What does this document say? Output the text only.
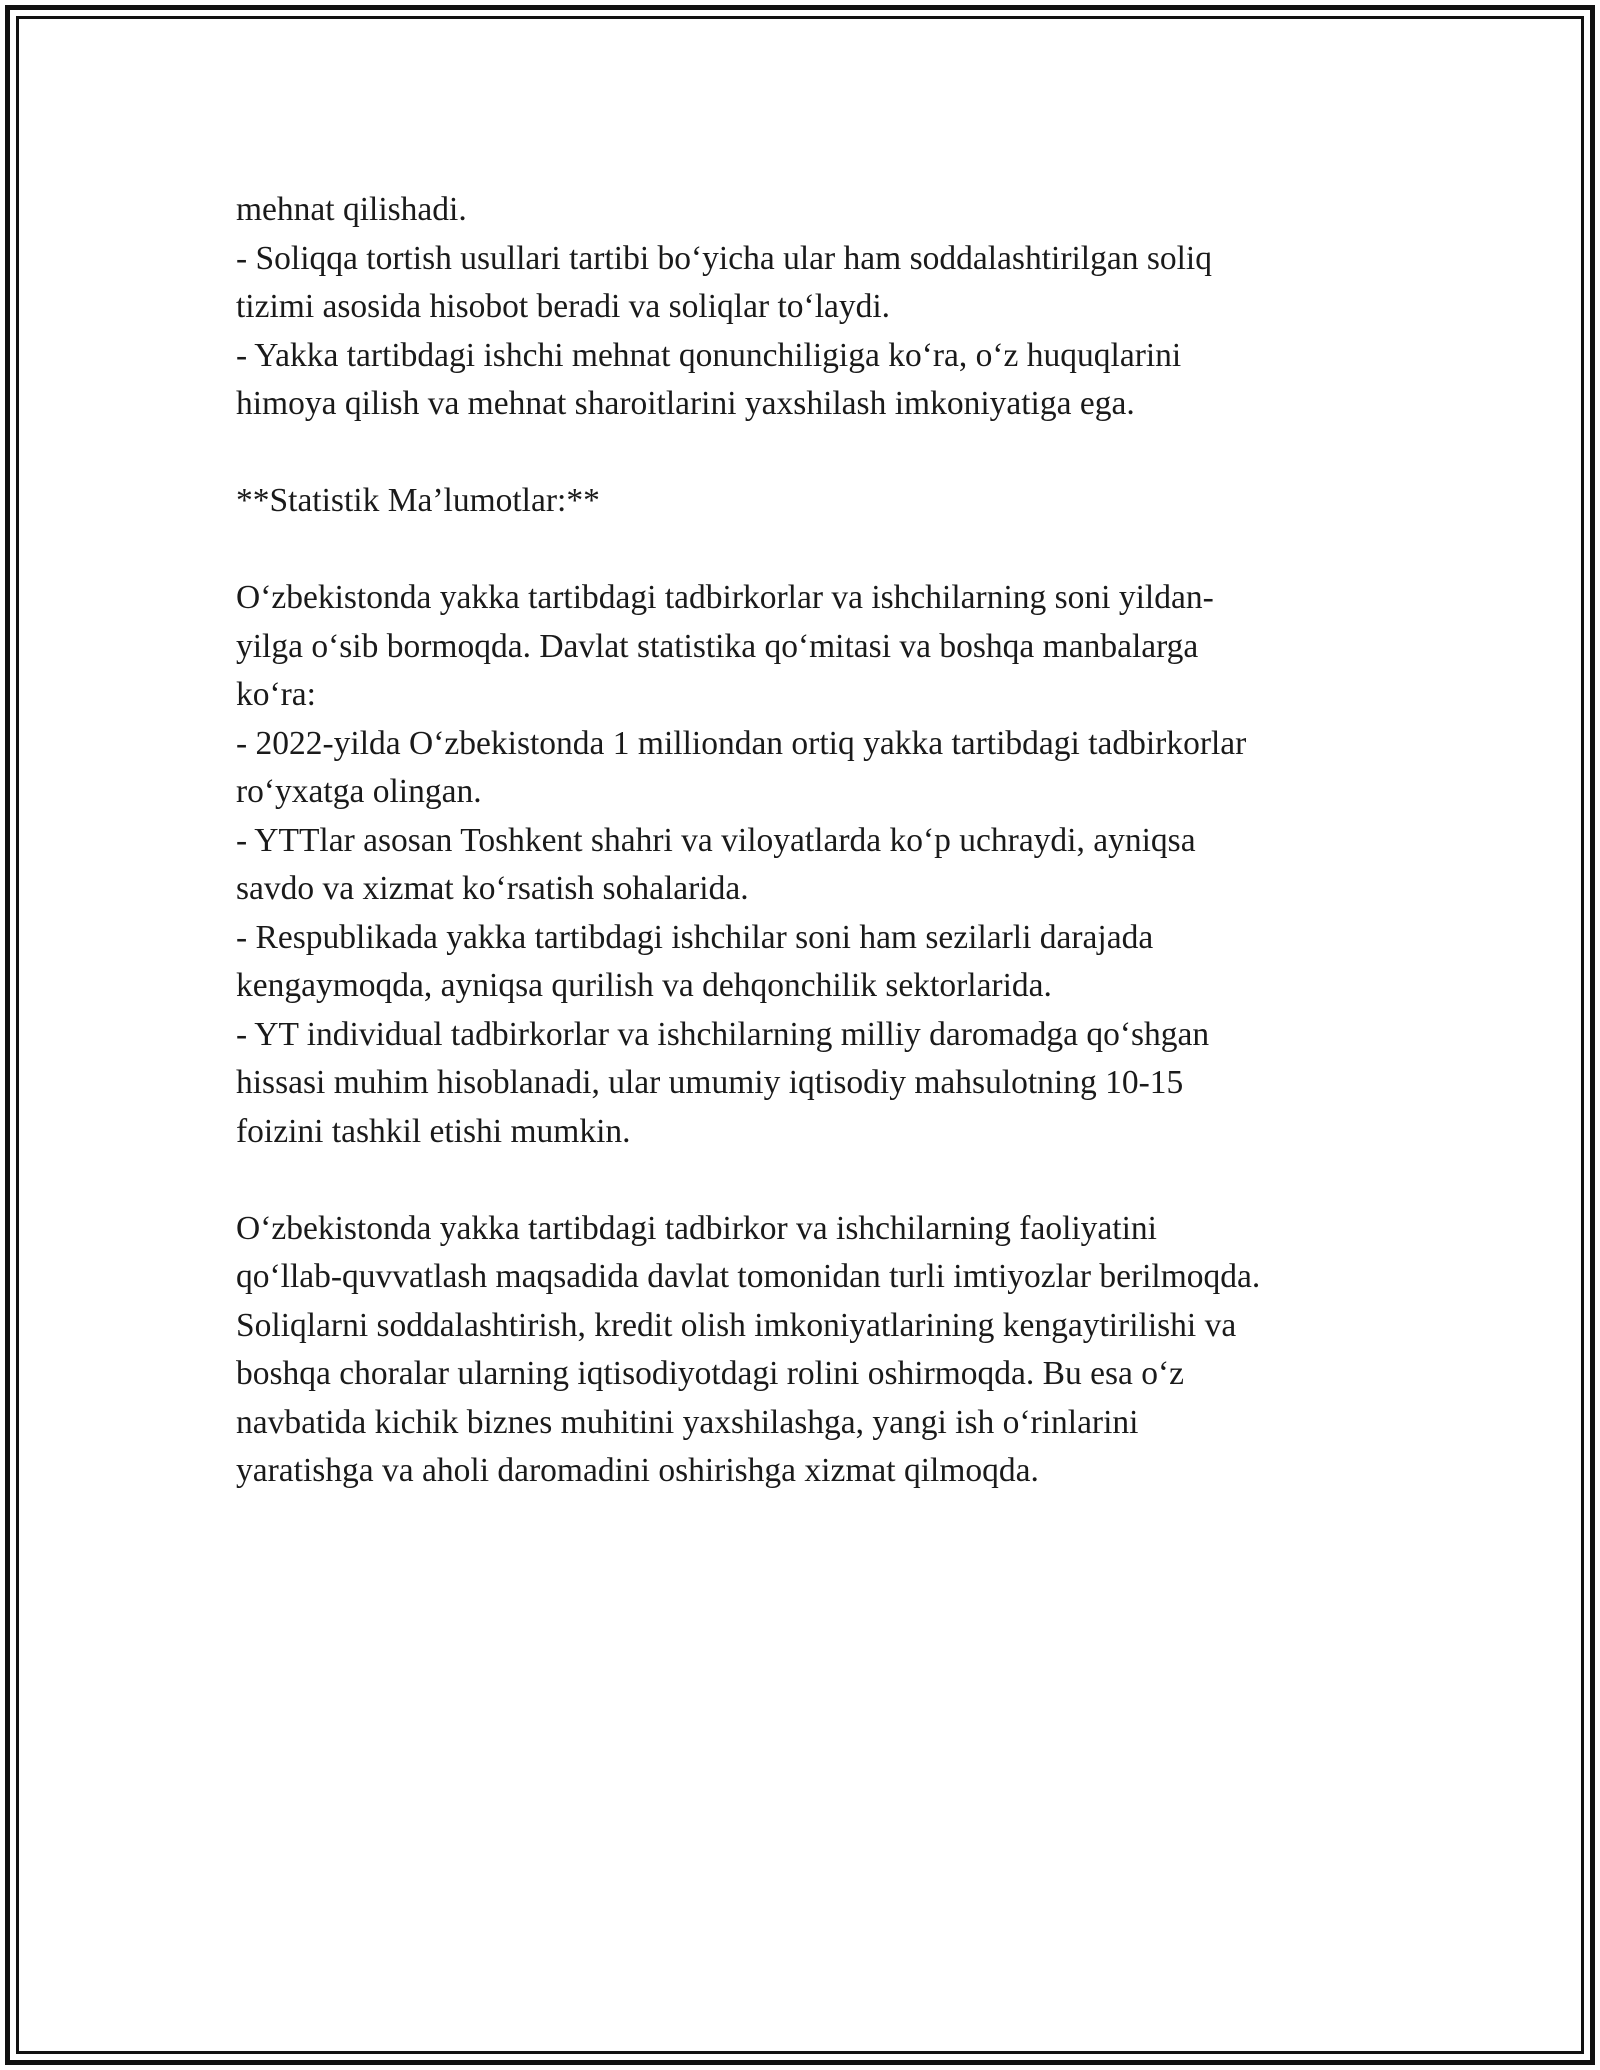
mehnat qilishadi.
- Soliqqa tortish usullari tartibi bo‘yicha ular ham soddalashtirilgan soliq
tizimi asosida hisobot beradi va soliqlar to‘laydi.
- Yakka tartibdagi ishchi mehnat qonunchiligiga ko‘ra, o‘z huquqlarini
himoya qilish va mehnat sharoitlarini yaxshilash imkoniyatiga ega.
**Statistik Ma’lumotlar:**
O‘zbekistonda yakka tartibdagi tadbirkorlar va ishchilarning soni yildan-
yilga o‘sib bormoqda. Davlat statistika qo‘mitasi va boshqa manbalarga
ko‘ra:
- 2022-yilda O‘zbekistonda 1 milliondan ortiq yakka tartibdagi tadbirkorlar
ro‘yxatga olingan.
- YTTlar asosan Toshkent shahri va viloyatlarda ko‘p uchraydi, ayniqsa
savdo va xizmat ko‘rsatish sohalarida.
- Respublikada yakka tartibdagi ishchilar soni ham sezilarli darajada
kengaymoqda, ayniqsa qurilish va dehqonchilik sektorlarida.
- YT individual tadbirkorlar va ishchilarning milliy daromadga qo‘shgan
hissasi muhim hisoblanadi, ular umumiy iqtisodiy mahsulotning 10-15
foizini tashkil etishi mumkin.
O‘zbekistonda yakka tartibdagi tadbirkor va ishchilarning faoliyatini
qo‘llab-quvvatlash maqsadida davlat tomonidan turli imtiyozlar berilmoqda.
Soliqlarni soddalashtirish, kredit olish imkoniyatlarining kengaytirilishi va
boshqa choralar ularning iqtisodiyotdagi rolini oshirmoqda. Bu esa o‘z
navbatida kichik biznes muhitini yaxshilashga, yangi ish o‘rinlarini
yaratishga va aholi daromadini oshirishga xizmat qilmoqda.
